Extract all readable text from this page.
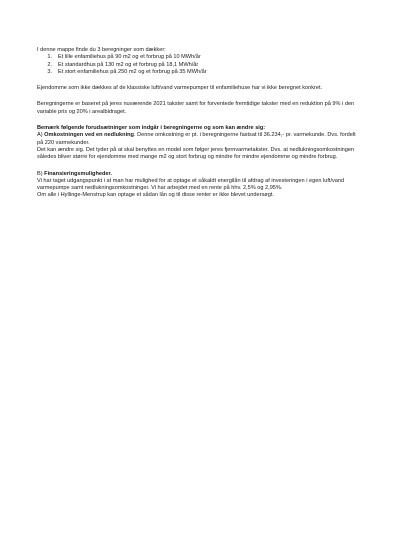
I denne mappe finde du 3 beregninger som dækker:

1.	Et lille enfamiliehus på 90 m2 og et forbrug på 10 MWh/år
2.	Et standardhus på 130 m2 og et forbrug på 18,1 MWh/år
3.	Et stort enfamiliehus på 250 m2 og et forbrug på 35 MWh/år

Ejendomme som ikke dækkes af de klassiske luft/vand varmepumper til enfamiliehuse har vi ikke beregnet konkret.

Beregningerne er baseret på jeres nuværende 2021 takster samt for forventede fremtidige takster med en reduktion på 9% i den variable pris og 20% i arealbidraget.

Bemærk følgende forudsætninger som indgår i beregningerne og som kan ændre sig:

A) Omkostningen ved en nedlukning. Denne omkostning er pt. i beregningerne fastsat til 36.234,- pr. varmekunde. Dvs. fordelt på 220 varmekunder.

Det kan ændre sig. Det tyder på at skal benyttes en model som følger jeres fjernvarmetakster. Dvs. at nedlukningsomkostningen således bliver større for ejendomme med mange m2 og stort forbrug og mindre for mindre ejendomme og mindre forbrug.

B) Finansieringsmuligheder.

Vi har taget udgangspunkt i at man har mulighed for at optage et såkaldt energilån til afdrag af investeringen i egen luft/vand varmepumpe samt nedlukningsomkostninger. Vi har arbejdet med en rente på hhv. 2,5% og 2,95%.

Om alle i Hyllinge-Menstrup kan optage et sådan lån og til disse renter er ikke blevet undersøgt.
